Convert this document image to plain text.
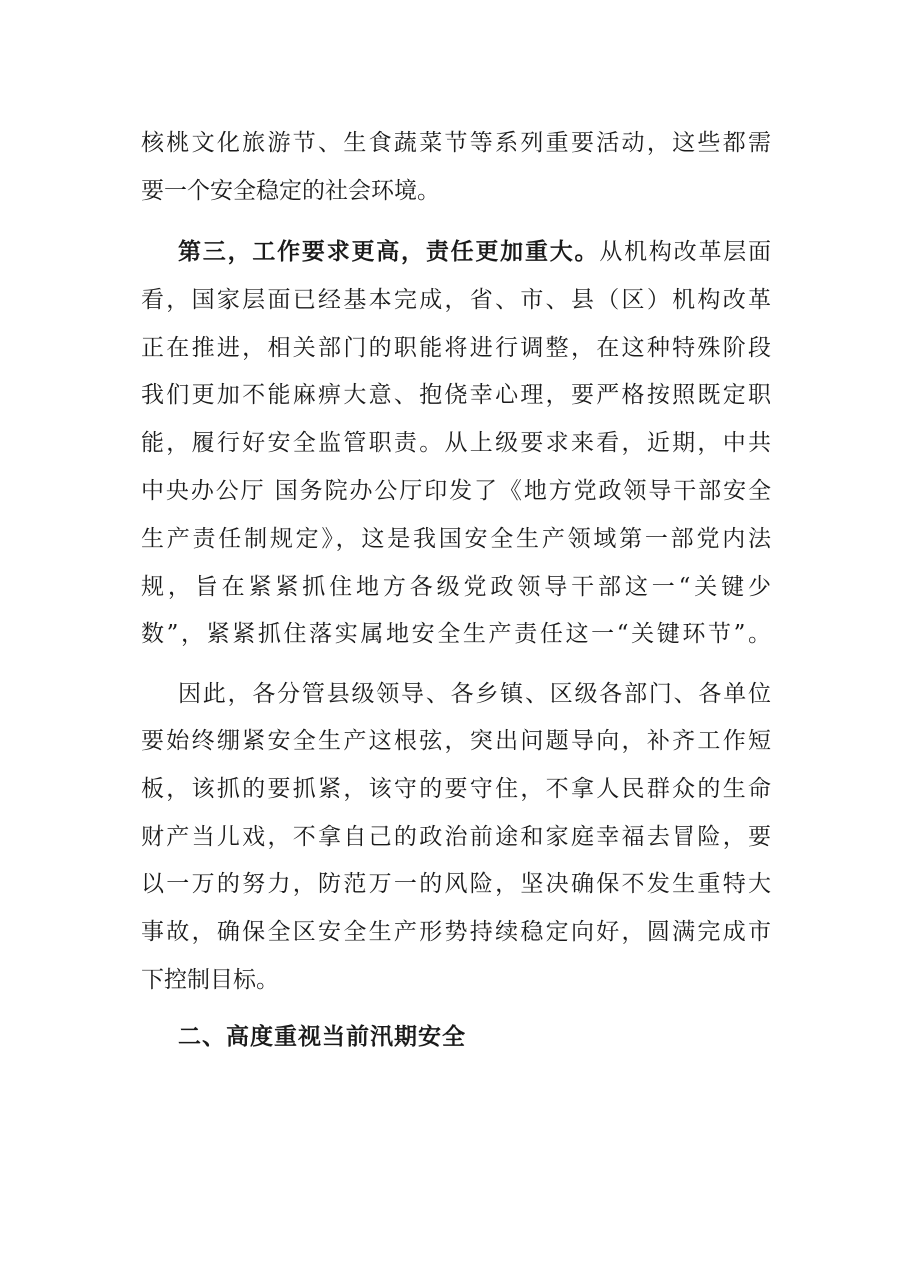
核桃文化旅游节、生食蔬菜节等系列重要活动，这些都需
要一个安全稳定的社会环境。
第三，工作要求更高，责任更加重大。从机构改革层面
看，国家层面已经基本完成，省、市、县（区）机构改革
正在推进，相关部门的职能将进行调整，在这种特殊阶段
我们更加不能麻痹大意、抱侥幸心理，要严格按照既定职
能，履行好安全监管职责。从上级要求来看，近期，中共
中央办公厅 国务院办公厅印发了《地方党政领导干部安全
生产责任制规定》，这是我国安全生产领域第一部党内法
规，旨在紧紧抓住地方各级党政领导干部这一“关键少
数”，紧紧抓住落实属地安全生产责任这一“关键环节”。
因此，各分管县级领导、各乡镇、区级各部门、各单位
要始终绷紧安全生产这根弦，突出问题导向，补齐工作短
板，该抓的要抓紧，该守的要守住，不拿人民群众的生命
财产当儿戏，不拿自己的政治前途和家庭幸福去冒险，要
以一万的努力，防范万一的风险，坚决确保不发生重特大
事故，确保全区安全生产形势持续稳定向好，圆满完成市
下控制目标。
二、高度重视当前汛期安全
